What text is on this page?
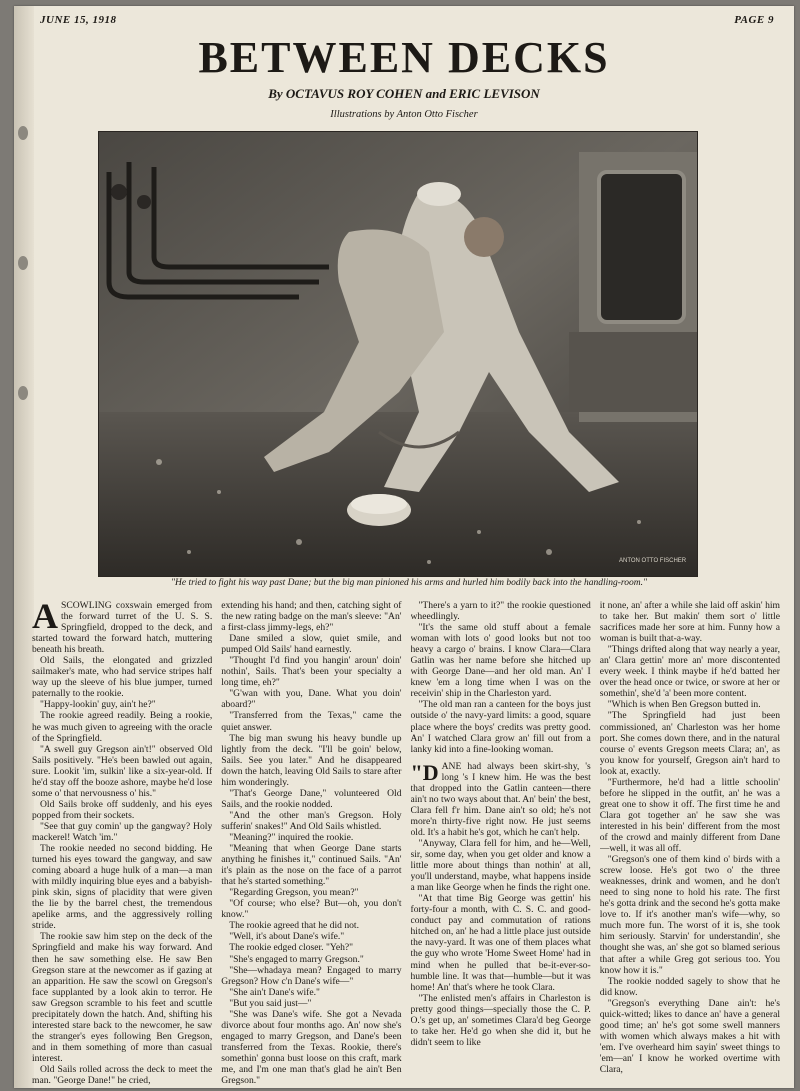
JUNE 15, 1918	PAGE 9
BETWEEN DECKS
By OCTAVUS ROY COHEN and ERIC LEVISON
Illustrations by Anton Otto Fischer
ANTON OTTO FISCHER
"He tried to fight his way past Dane; but the big man pinioned his arms and hurled him bodily back into the handling-room."

ASCOWLING coxswain emerged from the forward turret of the U. S. S. Springfield, dropped to the deck, and started toward the forward hatch, muttering beneath his breath.

Old Sails, the elongated and grizzled sailmaker's mate, who had service stripes half way up the sleeve of his blue jumper, turned paternally to the rookie.

"Happy-lookin' guy, ain't he?"

The rookie agreed readily. Being a rookie, he was much given to agreeing with the oracle of the Springfield.

"A swell guy Gregson ain't!" observed Old Sails positively. "He's been bawled out again, sure. Lookit 'im, sulkin' like a six-year-old. If he'd stay off the booze ashore, maybe he'd lose some o' that nervousness o' his."

Old Sails broke off suddenly, and his eyes popped from their sockets.

"See that guy comin' up the gangway? Holy mackerel! Watch 'im."

The rookie needed no second bidding. He turned his eyes toward the gangway, and saw coming aboard a huge hulk of a man—a man with mildly inquiring blue eyes and a babyish-pink skin, signs of placidity that were given the lie by the barrel chest, the tremendous apelike arms, and the aggressively rolling stride.

The rookie saw him step on the deck of the Springfield and make his way forward. And then he saw something else. He saw Ben Gregson stare at the newcomer as if gazing at an apparition. He saw the scowl on Gregson's face supplanted by a look akin to terror. He saw Gregson scramble to his feet and scuttle precipitately down the hatch. And, shifting his interested stare back to the newcomer, he saw the stranger's eyes following Ben Gregson, and in them something of more than casual interest.

Old Sails rolled across the deck to meet the man. "George Dane!" he cried,

extending his hand; and then, catching sight of the new rating badge on the man's sleeve: "An' a first-class jimmy-legs, eh?"

Dane smiled a slow, quiet smile, and pumped Old Sails' hand earnestly.

"Thought I'd find you hangin' aroun' doin' nothin', Sails. That's been your specialty a long time, eh?"

"G'wan with you, Dane. What you doin' aboard?"

"Transferred from the Texas," came the quiet answer.

The big man swung his heavy bundle up lightly from the deck. "I'll be goin' below, Sails. See you later." And he disappeared down the hatch, leaving Old Sails to stare after him wonderingly.

"That's George Dane," volunteered Old Sails, and the rookie nodded.

"And the other man's Gregson. Holy sufferin' snakes!" And Old Sails whistled.

"Meaning?" inquired the rookie.

"Meaning that when George Dane starts anything he finishes it," continued Sails. "An' it's plain as the nose on the face of a parrot that he's started something."

"Regarding Gregson, you mean?"

"Of course; who else? But—oh, you don't know."

The rookie agreed that he did not.

"Well, it's about Dane's wife."

The rookie edged closer. "Yeh?"

"She's engaged to marry Gregson."

"She—whadaya mean? Engaged to marry Gregson? How c'n Dane's wife—"

"She ain't Dane's wife."

"But you said just—"

"She was Dane's wife. She got a Nevada divorce about four months ago. An' now she's engaged to marry Gregson, and Dane's been transferred from the Texas. Rookie, there's somethin' gonna bust loose on this craft, mark me, and I'm one man that's glad he ain't Ben Gregson."

"There's a yarn to it?" the rookie questioned wheedlingly.

"It's the same old stuff about a female woman with lots o' good looks but not too heavy a cargo o' brains. I know Clara—Clara Gatlin was her name before she hitched up with George Dane—and her old man. An' I knew 'em a long time when I was on the receivin' ship in the Charleston yard.

"The old man ran a canteen for the boys just outside o' the navy-yard limits: a good, square place where the boys' credits was pretty good. An' I watched Clara grow an' fill out from a lanky kid into a fine-looking woman.

"DANE had always been skirt-shy, 's long 's I knew him. He was the best that dropped into the Gatlin canteen—there ain't no two ways about that. An' bein' the best, Clara fell f'r him. Dane ain't so old; he's not more'n thirty-five right now. He just seems old. It's a habit he's got, which he can't help.

"Anyway, Clara fell for him, and he—Well, sir, some day, when you get older and know a little more about things than nothin' at all, you'll understand, maybe, what happens inside a man like George when he finds the right one.

"At that time Big George was gettin' his forty-four a month, with C. S. C. and good-conduct pay and commutation of rations hitched on, an' he had a little place just outside the navy-yard. It was one of them places what the guy who wrote 'Home Sweet Home' had in mind when he pulled that be-it-ever-so-humble line. It was that—humble—but it was home! An' that's where he took Clara.

"The enlisted men's affairs in Charleston is pretty good things—specially those the C. P. O.'s get up, an' sometimes Clara'd beg George to take her. He'd go when she did it, but he didn't seem to like

it none, an' after a while she laid off askin' him to take her. But makin' them sort o' little sacrifices made her sore at him. Funny how a woman is built that-a-way.

"Things drifted along that way nearly a year, an' Clara gettin' more an' more discontented every week. I think maybe if he'd batted her over the head once or twice, or swore at her or somethin', she'd 'a' been more content.

"Which is when Ben Gregson butted in.

"The Springfield had just been commissioned, an' Charleston was her home port. She comes down there, and in the natural course o' events Gregson meets Clara; an', as you know for yourself, Gregson ain't hard to look at, exactly.

"Furthermore, he'd had a little schoolin' before he slipped in the outfit, an' he was a great one to show it off. The first time he and Clara got together an' he saw she was interested in his bein' different from the most of the crowd and mainly different from Dane—well, it was all off.

"Gregson's one of them kind o' birds with a screw loose. He's got two o' the three weaknesses, drink and women, and he don't need to sing none to hold his rate. The first he's gotta drink and the second he's gotta make love to. If it's another man's wife—why, so much more fun. The worst of it is, she took him seriously. Starvin' for understandin', she thought she was, an' she got so blamed serious that after a while Greg got serious too. You know how it is."

The rookie nodded sagely to show that he did know.

"Gregson's everything Dane ain't: he's quick-witted; likes to dance an' have a general good time; an' he's got some swell manners with women which always makes a hit with 'em. I've overheard him sayin' sweet things to 'em—an' I know he worked overtime with Clara,
